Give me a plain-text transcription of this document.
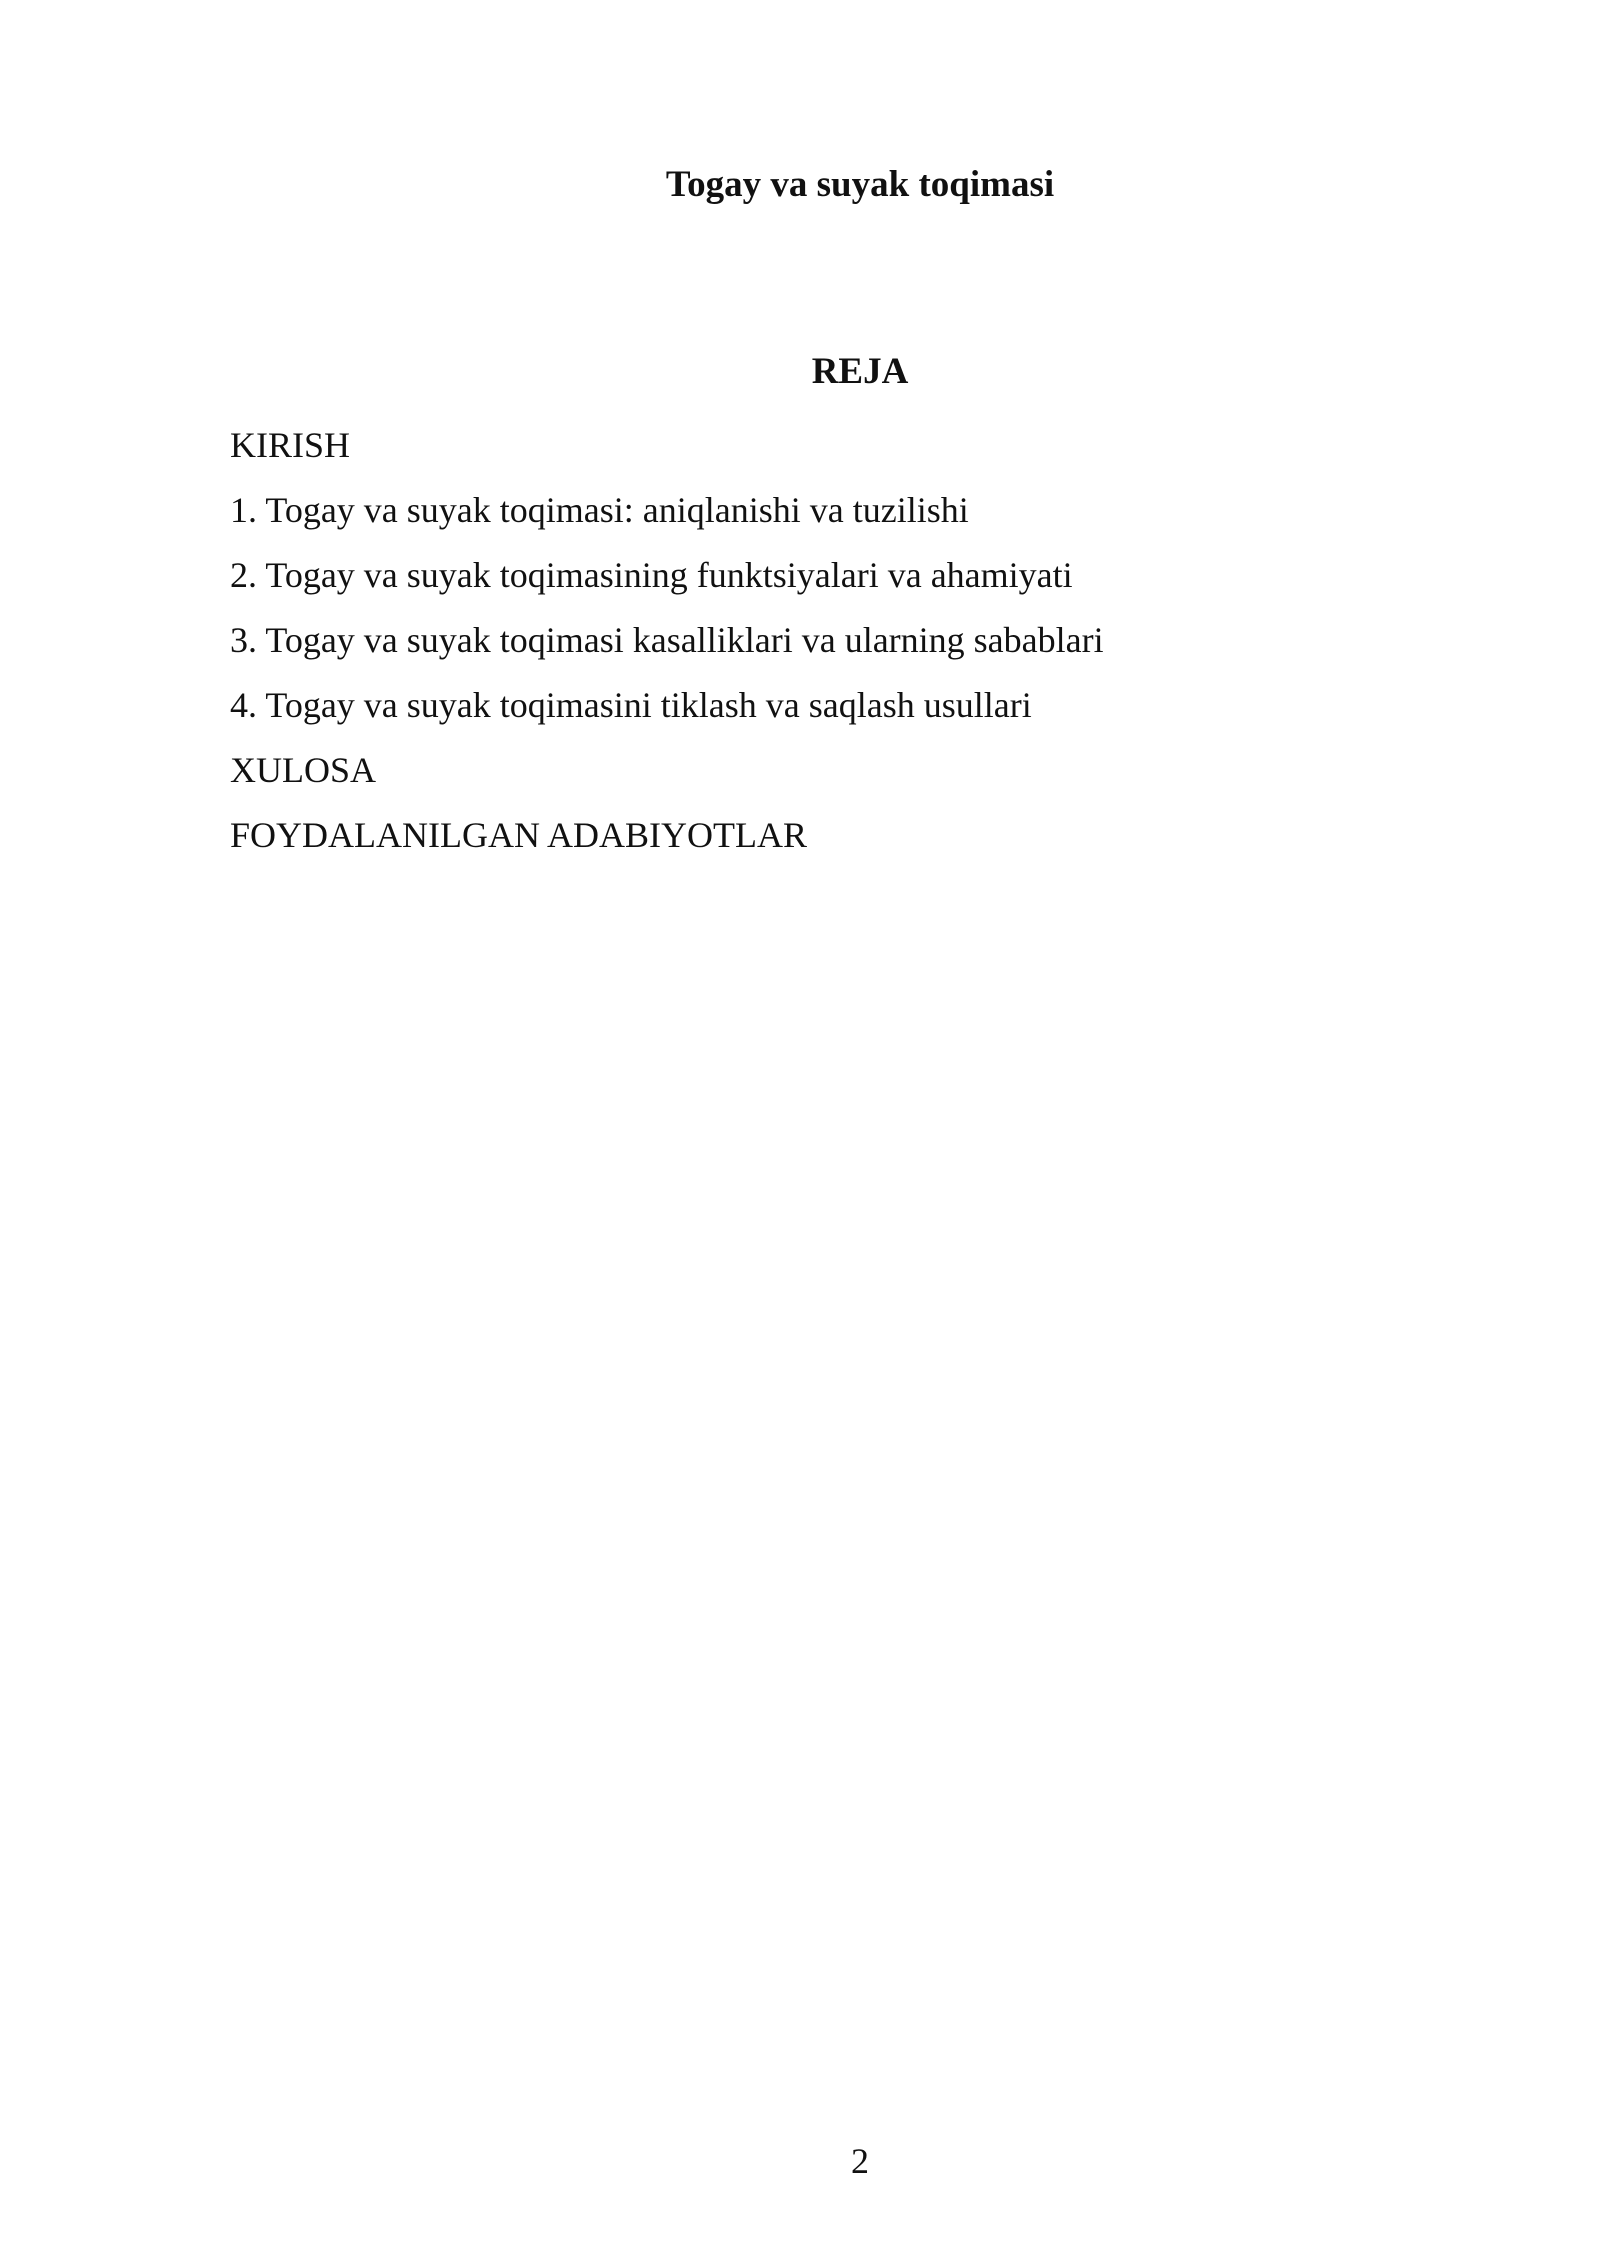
Togay va suyak toqimasi
REJA
KIRISH
1. Togay va suyak toqimasi: aniqlanishi va tuzilishi
2. Togay va suyak toqimasining funktsiyalari va ahamiyati
3. Togay va suyak toqimasi kasalliklari va ularning sabablari
4. Togay va suyak toqimasini tiklash va saqlash usullari
XULOSA
FOYDALANILGAN ADABIYOTLAR
2
